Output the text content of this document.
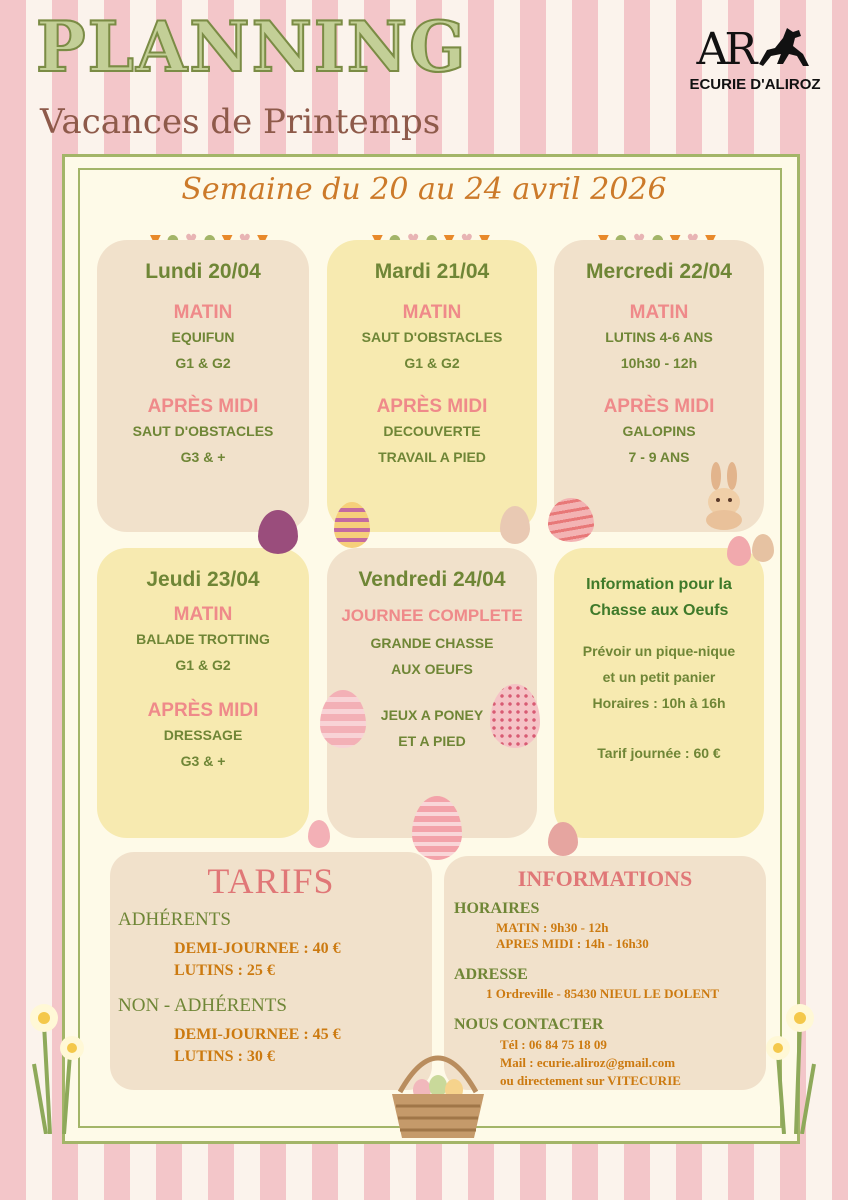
PLANNING
Vacances de Printemps
AR
ECURIE D'ALIROZ
Semaine du 20 au 24 avril 2026
Lundi 20/04
MATIN
EQUIFUN
G1 & G2
APRÈS MIDI
SAUT D'OBSTACLES
G3 & +
Mardi 21/04
MATIN
SAUT D'OBSTACLES
G1 & G2
APRÈS MIDI
DECOUVERTE
TRAVAIL A PIED
Mercredi 22/04
MATIN
LUTINS 4-6 ANS
10h30 - 12h
APRÈS MIDI
GALOPINS
7 - 9 ANS
Jeudi 23/04
MATIN
BALADE TROTTING
G1 & G2
APRÈS MIDI
DRESSAGE
G3 & +
Vendredi 24/04
JOURNEE COMPLETE
GRANDE CHASSE
AUX OEUFS
JEUX A PONEY
ET A PIED
Information pour la
Chasse aux Oeufs
Prévoir un pique-nique
et un petit panier
Horaires : 10h à 16h
Tarif journée : 60 €
TARIFS
ADHÉRENTS
DEMI-JOURNEE : 40 €
LUTINS : 25 €
NON - ADHÉRENTS
DEMI-JOURNEE : 45 €
LUTINS : 30 €
INFORMATIONS
HORAIRES
MATIN : 9h30 - 12h
APRES MIDI : 14h - 16h30
ADRESSE
1 Ordreville - 85430 NIEUL LE DOLENT
NOUS CONTACTER
Tél : 06 84 75 18 09
Mail : ecurie.aliroz@gmail.com
ou directement sur VITECURIE
